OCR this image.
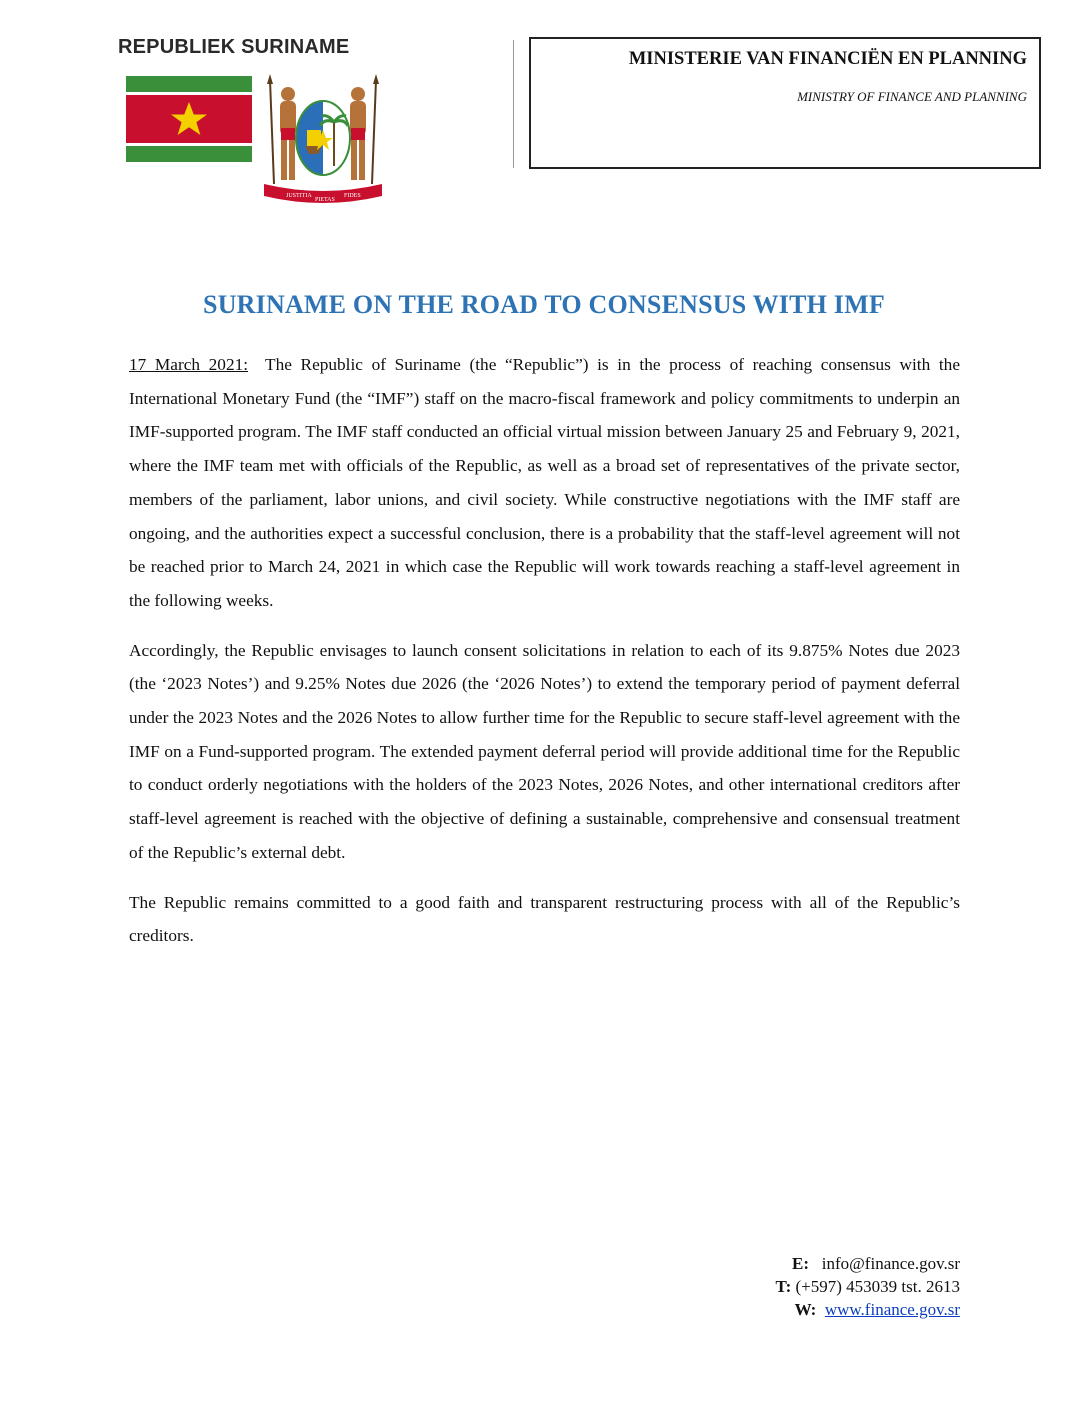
REPUBLIEK SURINAME
JUSTITIA
PIETAS
FIDES
MINISTERIE VAN FINANCIËN EN PLANNING
MINISTRY OF FINANCE AND PLANNING
SURINAME ON THE ROAD TO CONSENSUS WITH IMF

17 March 2021: The Republic of Suriname (the “Republic”) is in the process of reaching consensus with the International Monetary Fund (the “IMF”) staff on the macro-fiscal framework and policy commitments to underpin an IMF-supported program. The IMF staff conducted an official virtual mission between January 25 and February 9, 2021, where the IMF team met with officials of the Republic, as well as a broad set of representatives of the private sector, members of the parliament, labor unions, and civil society. While constructive negotiations with the IMF staff are ongoing, and the authorities expect a successful conclusion, there is a probability that the staff-level agreement will not be reached prior to March 24, 2021 in which case the Republic will work towards reaching a staff-level agreement in the following weeks.

Accordingly, the Republic envisages to launch consent solicitations in relation to each of its 9.875% Notes due 2023 (the ‘2023 Notes’) and 9.25% Notes due 2026 (the ‘2026 Notes’) to extend the temporary period of payment deferral under the 2023 Notes and the 2026 Notes to allow further time for the Republic to secure staff-level agreement with the IMF on a Fund-supported program. The extended payment deferral period will provide additional time for the Republic to conduct orderly negotiations with the holders of the 2023 Notes, 2026 Notes, and other international creditors after staff-level agreement is reached with the objective of defining a sustainable, comprehensive and consensual treatment of the Republic’s external debt.

The Republic remains committed to a good faith and transparent restructuring process with all of the Republic’s creditors.

E: info@finance.gov.sr
T: (+597) 453039 tst. 2613
W: www.finance.gov.sr
